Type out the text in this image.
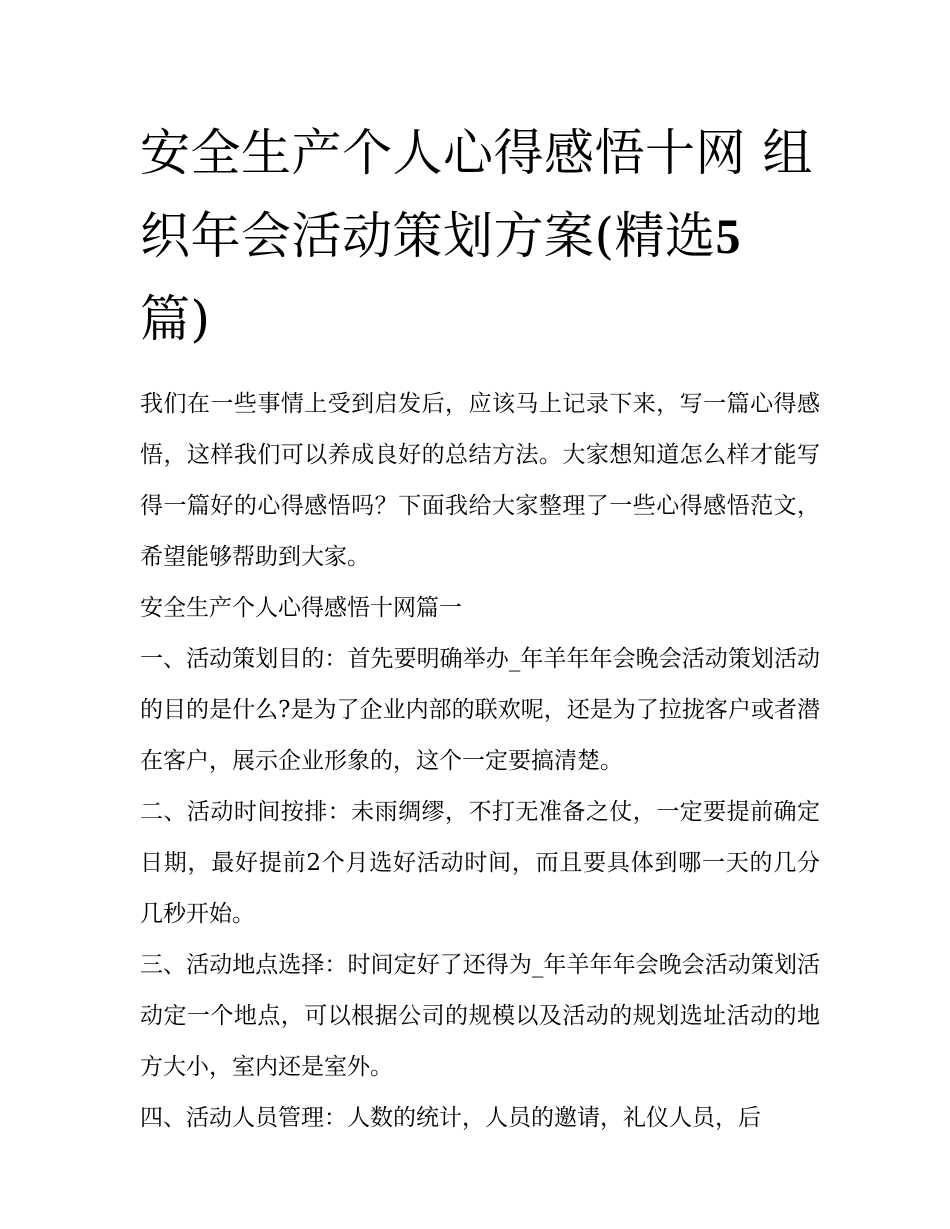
安全生产个人心得感悟十网 组织年会活动策划方案(精选5
篇)

我们在一些事情上受到启发后，应该马上记录下来，写一篇心得感悟，这样我们可以养成良好的总结方法。大家想知道怎么样才能写得一篇好的心得感悟吗？下面我给大家整理了一些心得感悟范文，希望能够帮助到大家。

安全生产个人心得感悟十网篇一

一、活动策划目的：首先要明确举办_年羊年年会晚会活动策划活动的目的是什么?是为了企业内部的联欢呢，还是为了拉拢客户或者潜在客户，展示企业形象的，这个一定要搞清楚。

二、活动时间按排：未雨绸缪，不打无准备之仗，一定要提前确定日期，最好提前2个月选好活动时间，而且要具体到哪一天的几分几秒开始。

三、活动地点选择：时间定好了还得为_年羊年年会晚会活动策划活动定一个地点，可以根据公司的规模以及活动的规划选址活动的地方大小，室内还是室外。

四、活动人员管理：人数的统计，人员的邀请，礼仪人员，后
